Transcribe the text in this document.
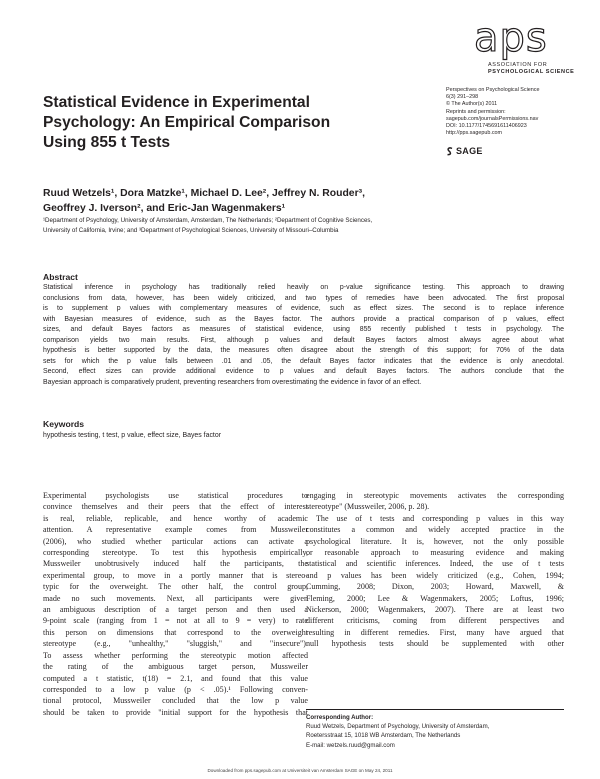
aps
ASSOCIATION FOR
PSYCHOLOGICAL SCIENCE
Perspectives on Psychological Science
6(3) 291–298
© The Author(s) 2011
Reprints and permission:
sagepub.com/journalsPermissions.nav
DOI: 10.1177/1745691611406923
http://pps.sagepub.com
SAGE
Statistical Evidence in Experimental
Psychology: An Empirical Comparison
Using 855 t Tests
Ruud Wetzels¹, Dora Matzke¹, Michael D. Lee², Jeffrey N. Rouder³,
Geoffrey J. Iverson², and Eric-Jan Wagenmakers¹
¹Department of Psychology, University of Amsterdam, Amsterdam, The Netherlands; ²Department of Cognitive Sciences,
University of California, Irvine; and ³Department of Psychological Sciences, University of Missouri–Columbia
Abstract
Statistical inference in psychology has traditionally relied heavily on p-value significance testing. This approach to drawing
conclusions from data, however, has been widely criticized, and two types of remedies have been advocated. The first proposal
is to supplement p values with complementary measures of evidence, such as effect sizes. The second is to replace inference
with Bayesian measures of evidence, such as the Bayes factor. The authors provide a practical comparison of p values, effect
sizes, and default Bayes factors as measures of statistical evidence, using 855 recently published t tests in psychology. The
comparison yields two main results. First, although p values and default Bayes factors almost always agree about what
hypothesis is better supported by the data, the measures often disagree about the strength of this support; for 70% of the data
sets for which the p value falls between .01 and .05, the default Bayes factor indicates that the evidence is only anecdotal.
Second, effect sizes can provide additional evidence to p values and default Bayes factors. The authors conclude that the
Bayesian approach is comparatively prudent, preventing researchers from overestimating the evidence in favor of an effect.
Keywords
hypothesis testing, t test, p value, effect size, Bayes factor
Experimental psychologists use statistical procedures to
convince themselves and their peers that the effect of interest
is real, reliable, replicable, and hence worthy of academic
attention. A representative example comes from Mussweiler
(2006), who studied whether particular actions can activate a
corresponding stereotype. To test this hypothesis empirically,
Mussweiler unobtrusively induced half the participants, the
experimental group, to move in a portly manner that is stereo-
typic for the overweight. The other half, the control group,
made no such movements. Next, all participants were given
an ambiguous description of a target person and then used a
9-point scale (ranging from 1 = not at all to 9 = very) to rate
this person on dimensions that correspond to the overweight
stereotype (e.g., "unhealthy," "sluggish," and "insecure").
To assess whether performing the stereotypic motion affected
the rating of the ambiguous target person, Mussweiler
computed a t statistic, t(18) = 2.1, and found that this value
corresponded to a low p value (p < .05).¹ Following conven-
tional protocol, Mussweiler concluded that the low p value
should be taken to provide "initial support for the hypothesis that
engaging in stereotypic movements activates the corresponding
stereotype" (Mussweiler, 2006, p. 28).
The use of t tests and corresponding p values in this way
constitutes a common and widely accepted practice in the
psychological literature. It is, however, not the only possible
or reasonable approach to measuring evidence and making
statistical and scientific inferences. Indeed, the use of t tests
and p values has been widely criticized (e.g., Cohen, 1994;
Cumming, 2008; Dixon, 2003; Howard, Maxwell, &
Fleming, 2000; Lee & Wagenmakers, 2005; Loftus, 1996;
Nickerson, 2000; Wagenmakers, 2007). There are at least two
different criticisms, coming from different perspectives and
resulting in different remedies. First, many have argued that
null hypothesis tests should be supplemented with other
Corresponding Author:
Ruud Wetzels, Department of Psychology, University of Amsterdam,
Roetersstraat 15, 1018 WB Amsterdam, The Netherlands
E-mail: wetzels.ruud@gmail.com
Downloaded from pps.sagepub.com at Universiteit van Amsterdam SAGE on May 24, 2011
